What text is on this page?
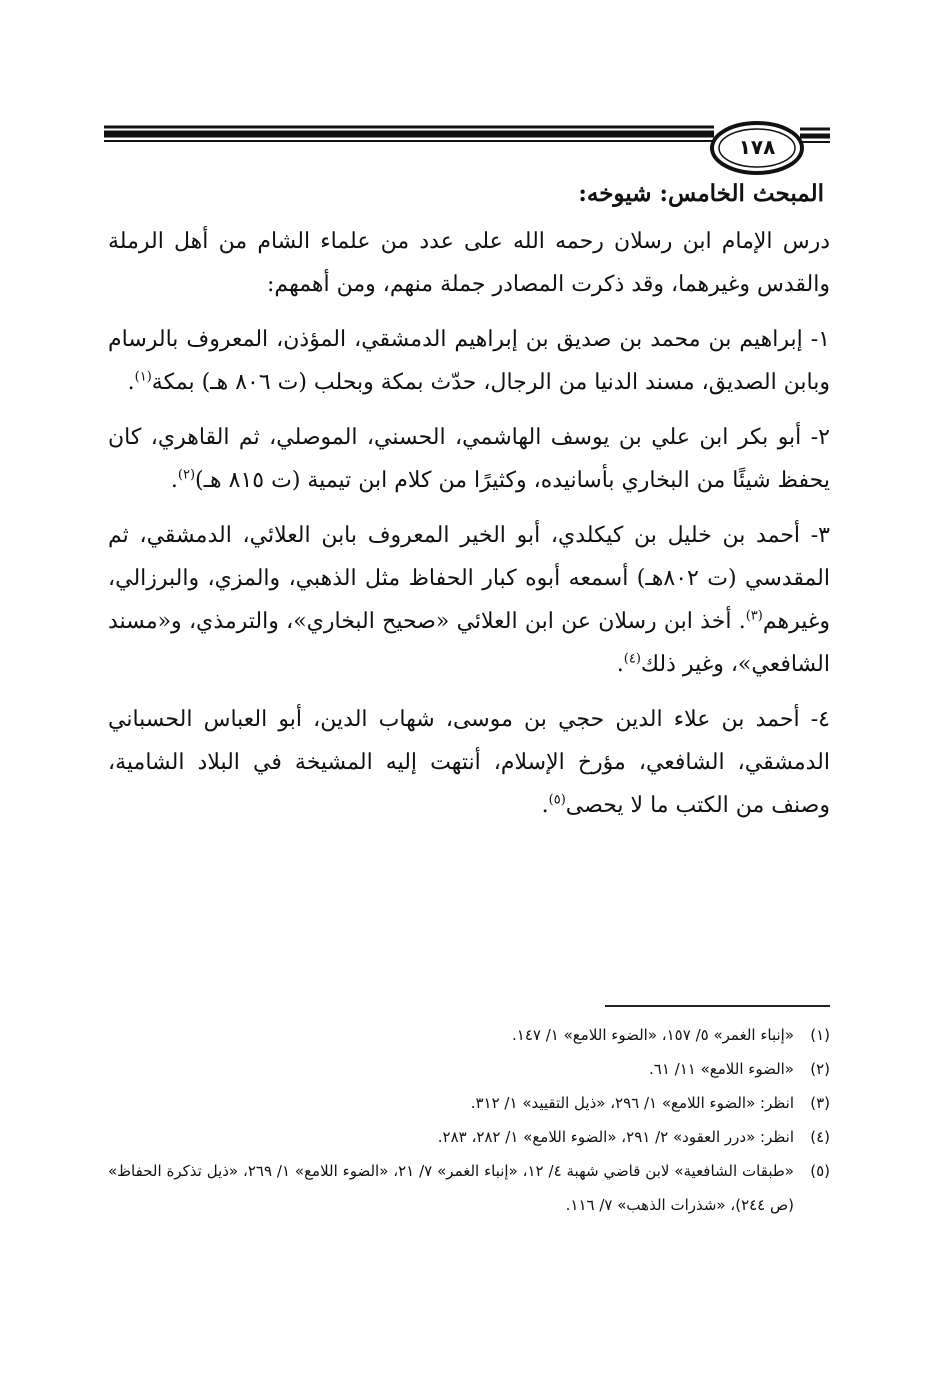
١٧٨
المبحث الخامس: شيوخه:

درس الإمام ابن رسلان رحمه الله على عدد من علماء الشام من أهل الرملة والقدس وغيرهما، وقد ذكرت المصادر جملة منهم، ومن أهمهم:

١- إبراهيم بن محمد بن صديق بن إبراهيم الدمشقي، المؤذن، المعروف بالرسام وبابن الصديق، مسند الدنيا من الرجال، حدّث بمكة وبحلب (ت ٨٠٦ هـ) بمكة$^{(١)}$.

٢- أبو بكر ابن علي بن يوسف الهاشمي، الحسني، الموصلي، ثم القاهري، كان يحفظ شيئًا من البخاري بأسانيده، وكثيرًا من كلام ابن تيمية (ت ٨١٥ هـ)$^{(٢)}$.

٣- أحمد بن خليل بن كيكلدي، أبو الخير المعروف بابن العلائي، الدمشقي، ثم المقدسي (ت ٨٠٢هـ) أسمعه أبوه كبار الحفاظ مثل الذهبي، والمزي، والبرزالي، وغيرهم$^{(٣)}$. أخذ ابن رسلان عن ابن العلائي «صحيح البخاري»، والترمذي، و«مسند الشافعي»، وغير ذلك$^{(٤)}$.

٤- أحمد بن علاء الدين حجي بن موسى، شهاب الدين، أبو العباس الحسباني الدمشقي، الشافعي، مؤرخ الإسلام، أنتهت إليه المشيخة في البلاد الشامية، وصنف من الكتب ما لا يحصى$^{(٥)}$.

(١)
«إنباء الغمر» ٥/ ١٥٧، «الضوء اللامع» ١/ ١٤٧.
(٢)
«الضوء اللامع» ١١/ ٦١.
(٣)
انظر: «الضوء اللامع» ١/ ٢٩٦، «ذيل التقييد» ١/ ٣١٢.
(٤)
انظر: «درر العقود» ٢/ ٢٩١، «الضوء اللامع» ١/ ٢٨٢، ٢٨٣.
(٥)
«طبقات الشافعية» لابن قاضي شهبة ٤/ ١٢، «إنباء الغمر» ٧/ ٢١، «الضوء اللامع» ١/ ٢٦٩، «ذيل تذكرة الحفاظ» (ص ٢٤٤)، «شذرات الذهب» ٧/ ١١٦.
